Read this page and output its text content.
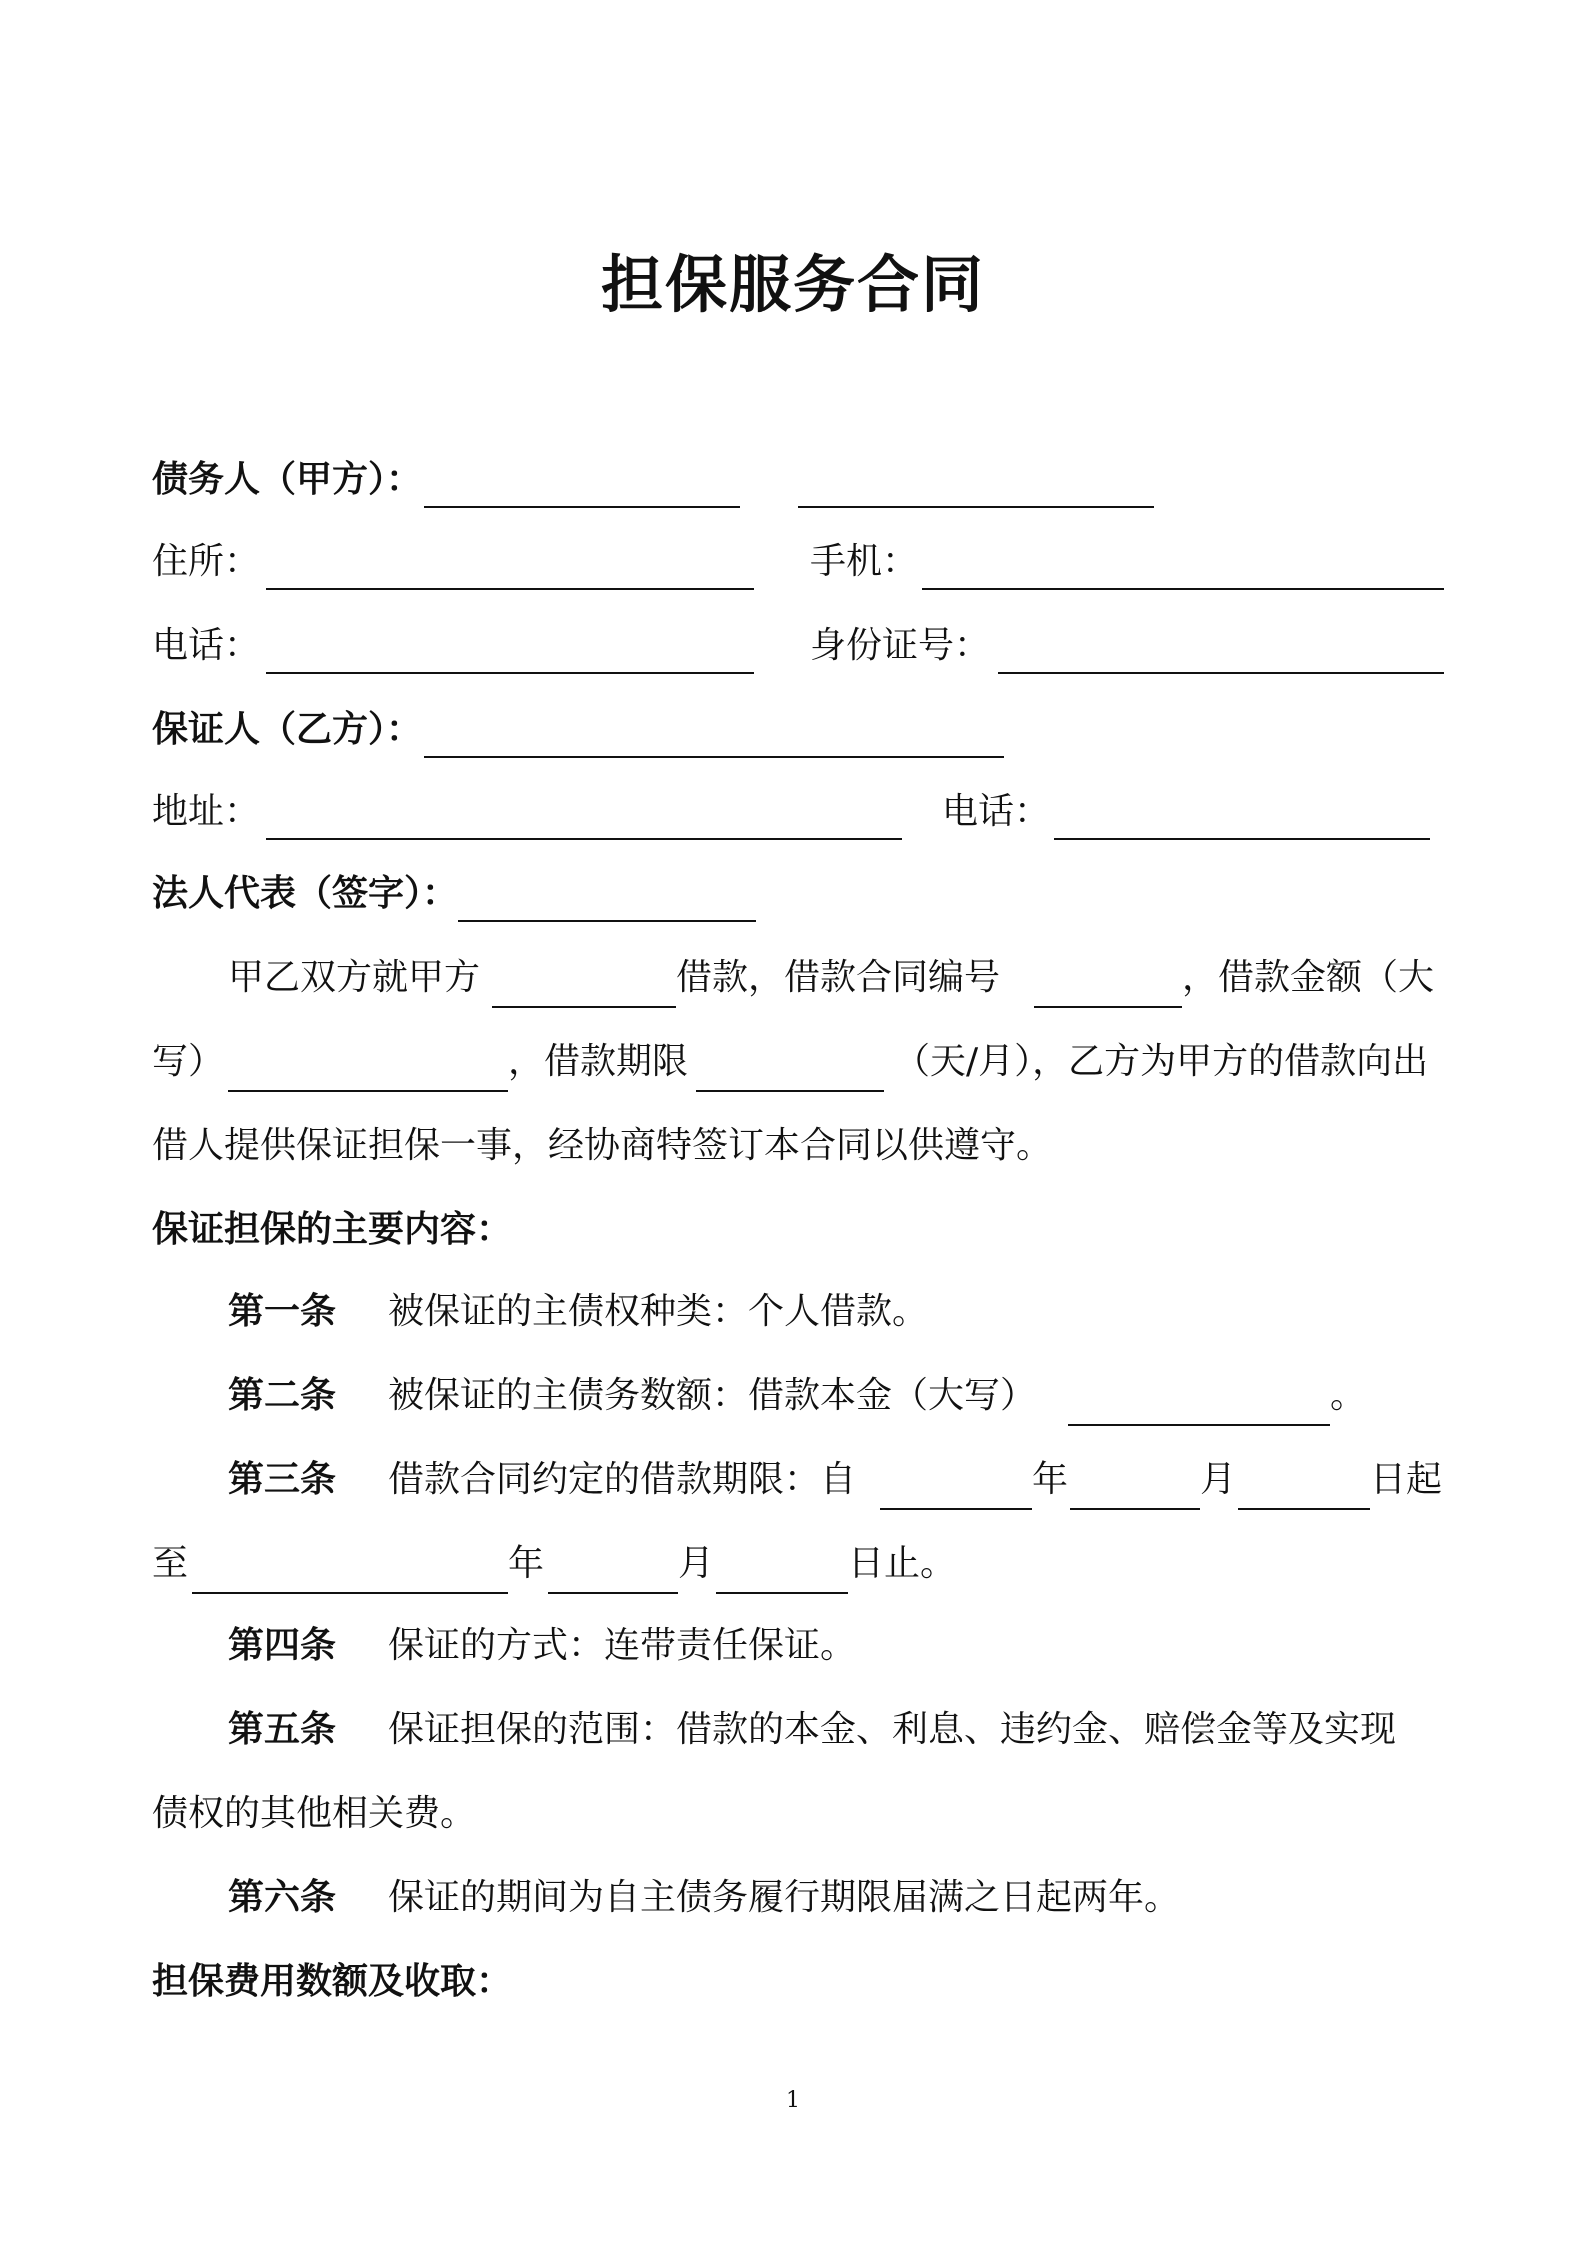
担保服务合同
债务人（甲方）：
住所：	手机：
电话：	身份证号：
保证人（乙方）：
地址：	电话：
法人代表（签字）：
甲乙双方就甲方	借款，借款合同编号	，借款金额（大
写）	，借款期限	（天/月），乙方为甲方的借款向出
借人提供保证担保一事，经协商特签订本合同以供遵守。
保证担保的主要内容：
第一条 被保证的主债权种类：个人借款。
第二条 被保证的主债务数额：借款本金（大写）	。
第三条 借款合同约定的借款期限：自	年	月	日起
至	年	月	日止。
第四条 保证的方式：连带责任保证。
第五条 保证担保的范围：借款的本金、利息、违约金、赔偿金等及实现
债权的其他相关费。
第六条 保证的期间为自主债务履行期限届满之日起两年。
担保费用数额及收取：
1
